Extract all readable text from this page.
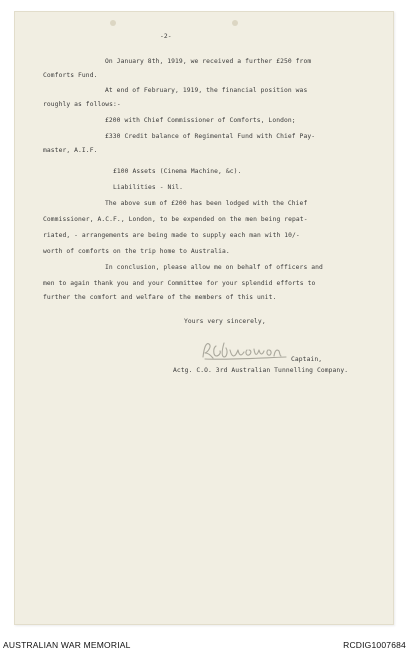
-2-
On January 8th, 1919, we received a further £250 from
Comforts Fund.
At end of February, 1919, the financial position was
roughly as follows:-
£200 with Chief Commissioner of Comforts, London;
£330 Credit balance of Regimental Fund with Chief Pay-
master, A.I.F.
£100 Assets (Cinema Machine, &c).
Liabilities - Nil.
The above sum of £200 has been lodged with the Chief
Commissioner, A.C.F., London, to be expended on the men being repat-
riated, - arrangements are being made to supply each man with 10/-
worth of comforts on the trip home to Australia.
In conclusion, please allow me on behalf of officers and
men to again thank you and your Committee for your splendid efforts to
further the comfort and welfare of the members of this unit.
Yours very sincerely,
Captain,
Actg. C.O. 3rd Australian Tunnelling Company.
AUSTRALIAN WAR MEMORIAL	RCDIG1007684
